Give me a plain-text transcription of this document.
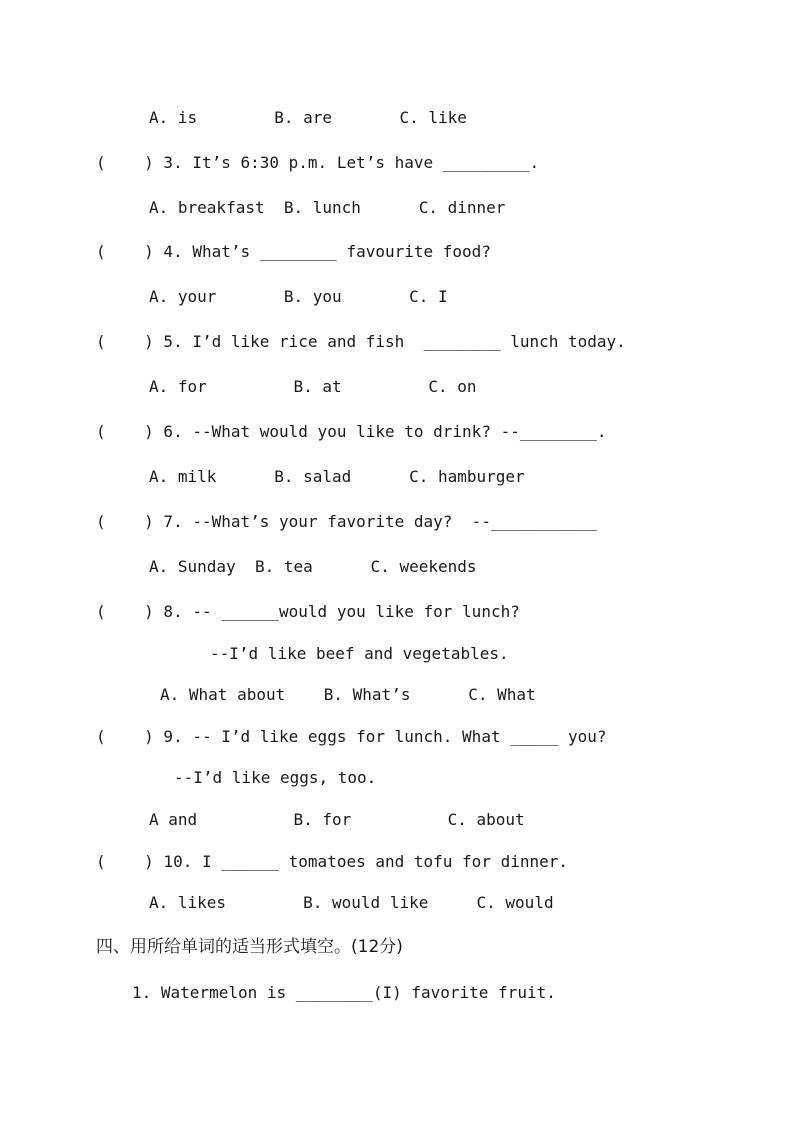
A. is        B. are       C. like
(    ) 3. It’s 6:30 p.m. Let’s have _________.
A. breakfast  B. lunch      C. dinner
(    ) 4. What’s ________ favourite food?
A. your       B. you       C. I
(    ) 5. I’d like rice and fish  ________ lunch today.
A. for         B. at         C. on
(    ) 6. --What would you like to drink? --________.
A. milk      B. salad      C. hamburger
(    ) 7. --What’s your favorite day?  --___________
A. Sunday  B. tea      C. weekends
(    ) 8. -- ______would you like for lunch?
--I’d like beef and vegetables.
A. What about    B. What’s      C. What
(    ) 9. -- I’d like eggs for lunch. What _____ you?
--I’d like eggs, too.
A and          B. for          C. about
(    ) 10. I ______ tomatoes and tofu for dinner.
A. likes        B. would like     C. would
四、用所给单词的适当形式填空。(12分)
1. Watermelon is ________(I) favorite fruit.
